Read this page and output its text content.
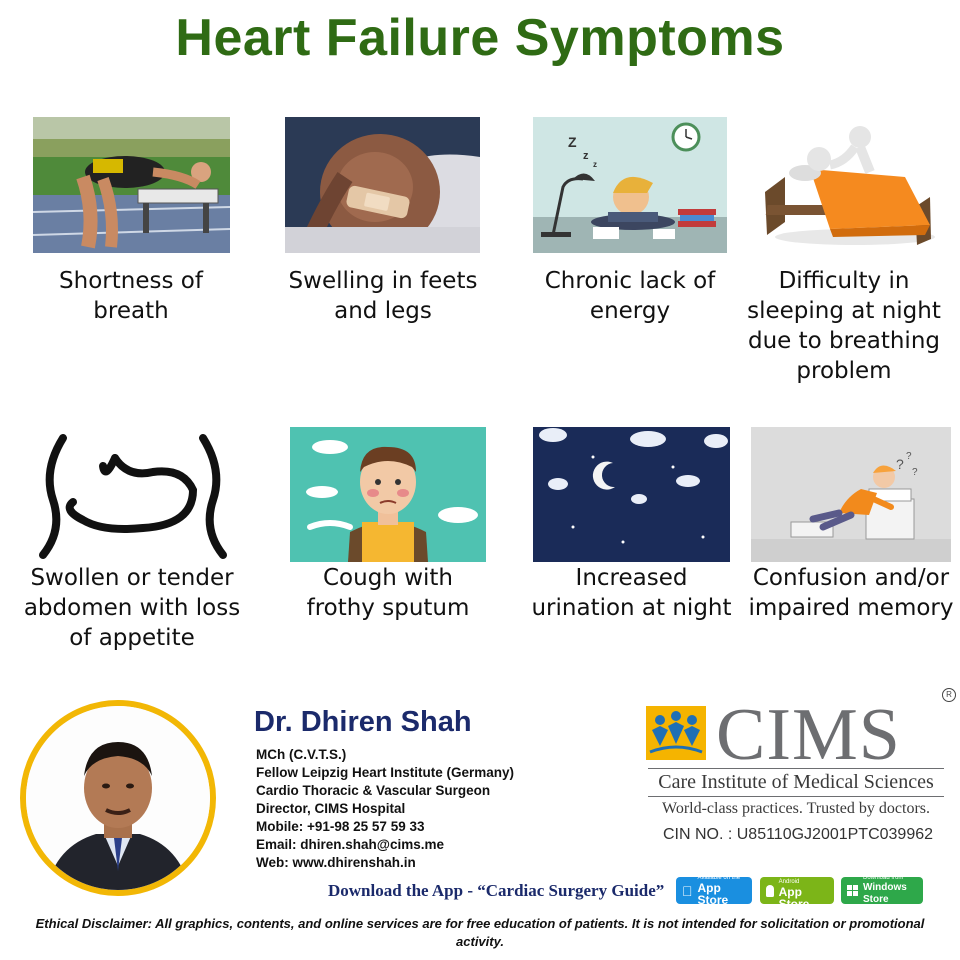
Heart Failure Symptoms
Shortness of breath
Swelling in feets and legs
Z
z
z
Chronic lack of energy
Difficulty in sleeping at night due to breathing problem
Swollen or tender abdomen with loss of appetite
Cough with frothy sputum
Increased urination at night
? ?
?
Confusion and/or impaired memory
Dr. Dhiren Shah
MCh (C.V.T.S.)
Fellow Leipzig Heart Institute (Germany)
Cardio Thoracic & Vascular Surgeon
Director, CIMS Hospital
Mobile: +91-98 25 57 59 33
Email: dhiren.shah@cims.me
Web: www.dhirenshah.in
CIMS	R
Care Institute of Medical Sciences
World-class practices. Trusted by doctors.
CIN NO. : U85110GJ2001PTC039962
Download the App - “Cardiac Surgery Guide”	Available on the
App Store
Available on the Android
App Store
Download from
Windows Store
Ethical Disclaimer: All graphics, contents, and online services are for free education of patients. It is not intended for solicitation or promotional activity.
